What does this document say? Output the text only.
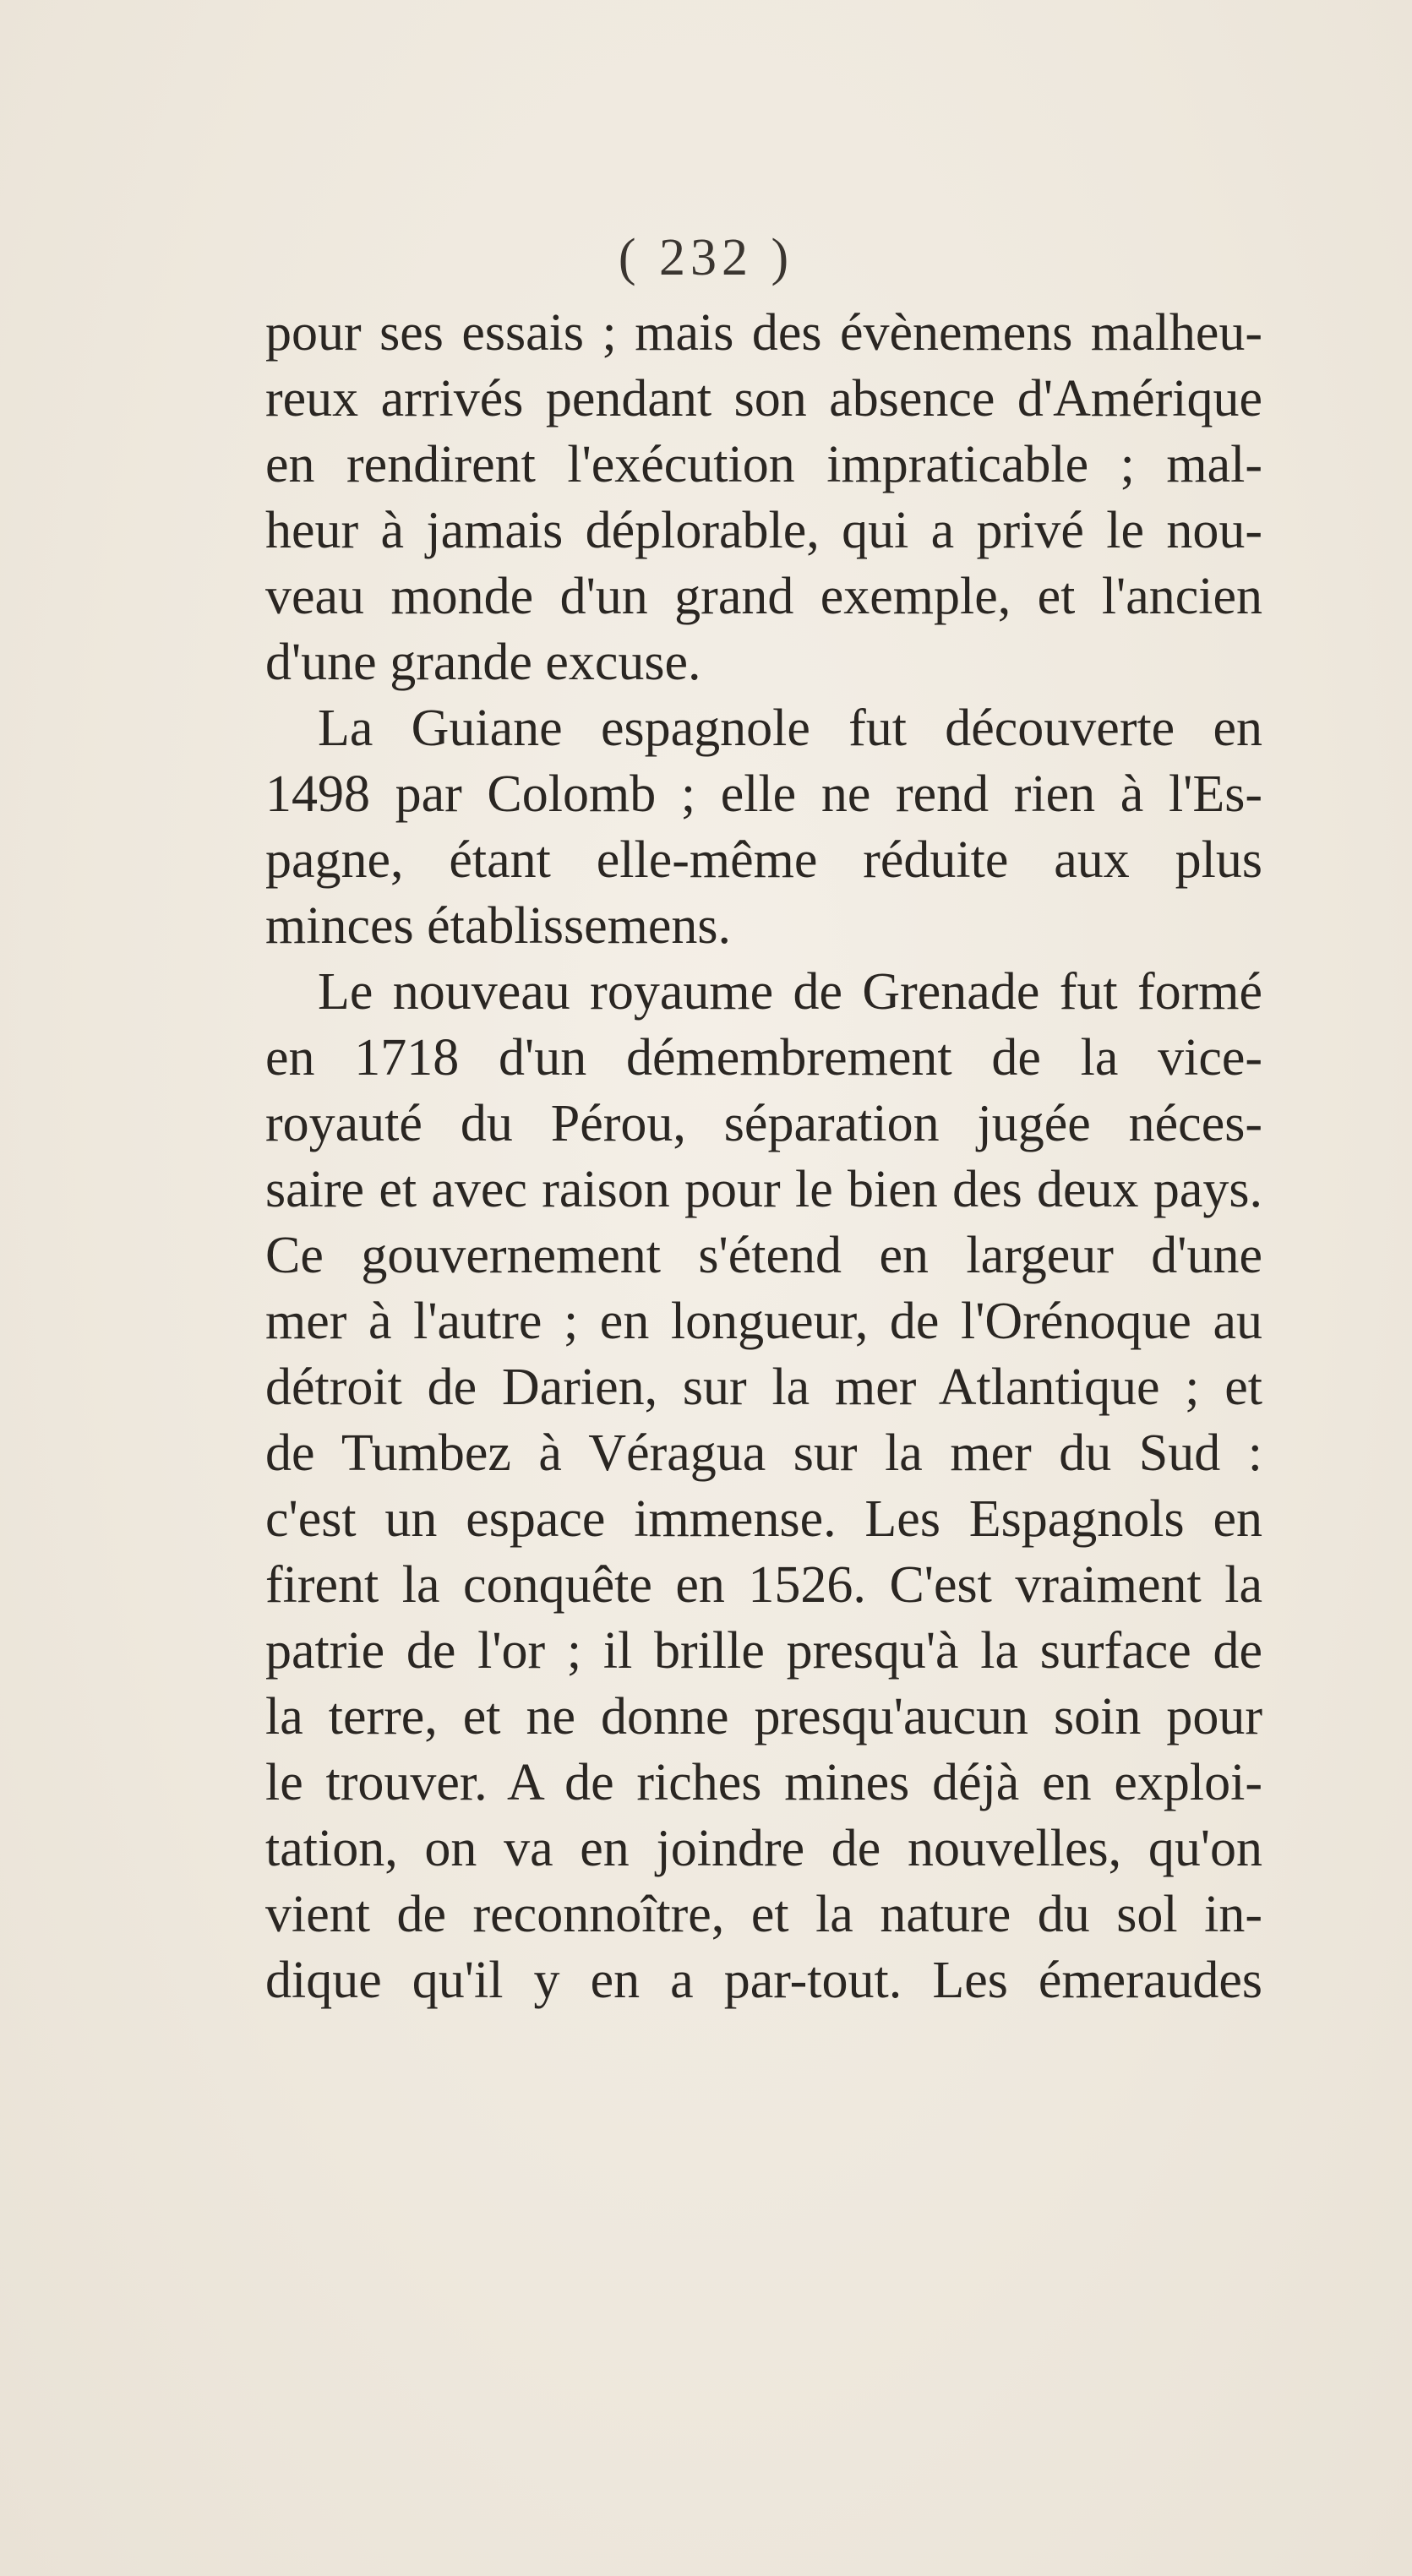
( 232 )
pour ses essais ; mais des évènemens malheu-
reux arrivés pendant son absence d'Amérique
en rendirent l'exécution impraticable ; mal-
heur à jamais déplorable, qui a privé le nou-
veau monde d'un grand exemple, et l'ancien
d'une grande excuse.
La Guiane espagnole fut découverte en
1498 par Colomb ; elle ne rend rien à l'Es-
pagne, étant elle-même réduite aux plus
minces établissemens.
Le nouveau royaume de Grenade fut formé
en 1718 d'un démembrement de la vice-
royauté du Pérou, séparation jugée néces-
saire et avec raison pour le bien des deux pays.
Ce gouvernement s'étend en largeur d'une
mer à l'autre ; en longueur, de l'Orénoque au
détroit de Darien, sur la mer Atlantique ; et
de Tumbez à Véragua sur la mer du Sud :
c'est un espace immense. Les Espagnols en
firent la conquête en 1526. C'est vraiment la
patrie de l'or ; il brille presqu'à la surface de
la terre, et ne donne presqu'aucun soin pour
le trouver. A de riches mines déjà en exploi-
tation, on va en joindre de nouvelles, qu'on
vient de reconnoître, et la nature du sol in-
dique qu'il y en a par-tout. Les émeraudes
